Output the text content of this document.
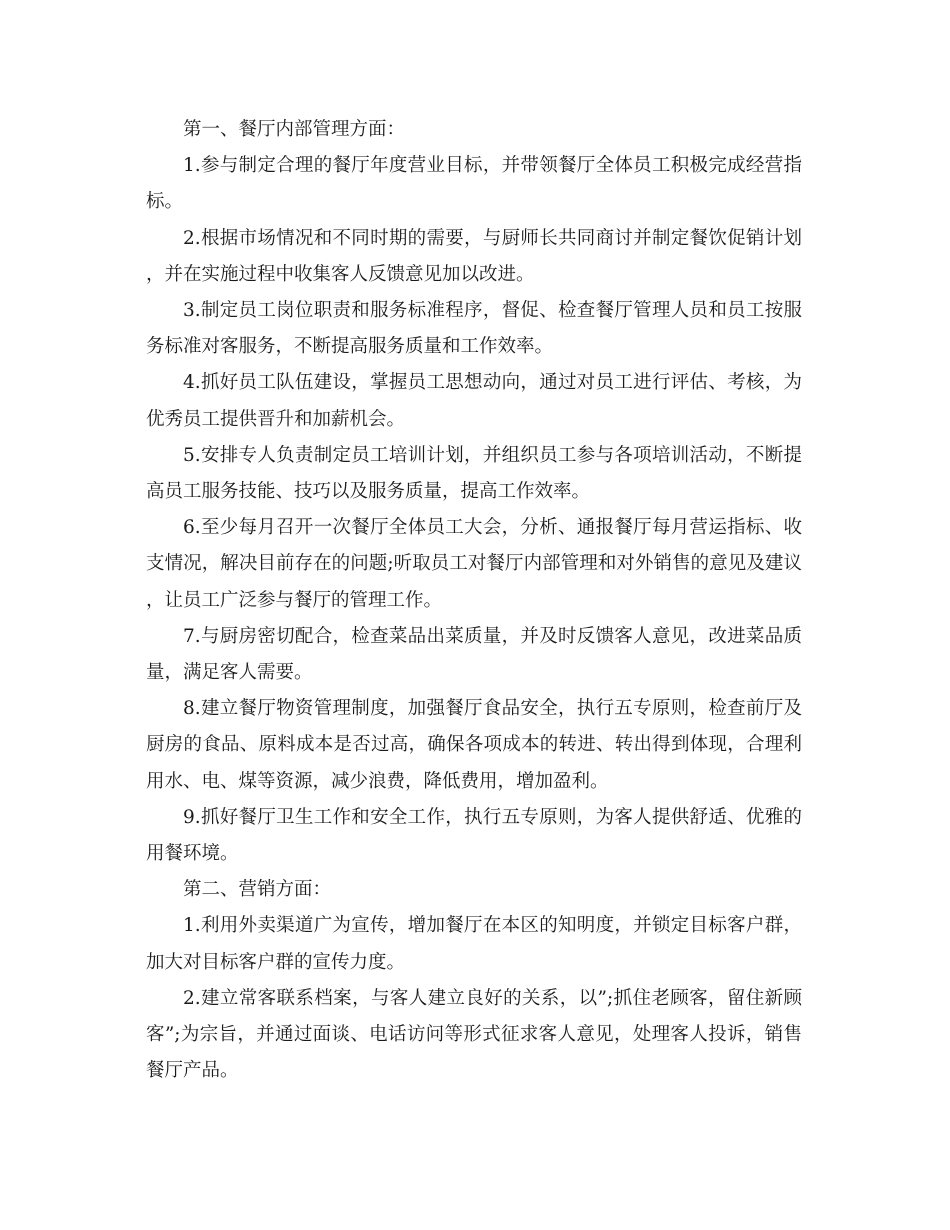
第一、餐厅内部管理方面：

1.参与制定合理的餐厅年度营业目标，并带领餐厅全体员工积极完成经营指标。

2.根据市场情况和不同时期的需要，与厨师长共同商讨并制定餐饮促销计划，并在实施过程中收集客人反馈意见加以改进。

3.制定员工岗位职责和服务标准程序，督促、检查餐厅管理人员和员工按服务标准对客服务，不断提高服务质量和工作效率。

4.抓好员工队伍建设，掌握员工思想动向，通过对员工进行评估、考核，为优秀员工提供晋升和加薪机会。

5.安排专人负责制定员工培训计划，并组织员工参与各项培训活动，不断提高员工服务技能、技巧以及服务质量，提高工作效率。

6.至少每月召开一次餐厅全体员工大会，分析、通报餐厅每月营运指标、收支情况，解决目前存在的问题;听取员工对餐厅内部管理和对外销售的意见及建议，让员工广泛参与餐厅的管理工作。

7.与厨房密切配合，检查菜品出菜质量，并及时反馈客人意见，改进菜品质量，满足客人需要。

8.建立餐厅物资管理制度，加强餐厅食品安全，执行五专原则，检查前厅及厨房的食品、原料成本是否过高，确保各项成本的转进、转出得到体现，合理利用水、电、煤等资源，减少浪费，降低费用，增加盈利。

9.抓好餐厅卫生工作和安全工作，执行五专原则，为客人提供舒适、优雅的用餐环境。

第二、营销方面：

1.利用外卖渠道广为宣传，增加餐厅在本区的知明度，并锁定目标客户群，加大对目标客户群的宣传力度。

2.建立常客联系档案，与客人建立良好的关系，以”;抓住老顾客，留住新顾客”;为宗旨，并通过面谈、电话访问等形式征求客人意见，处理客人投诉，销售餐厅产品。
